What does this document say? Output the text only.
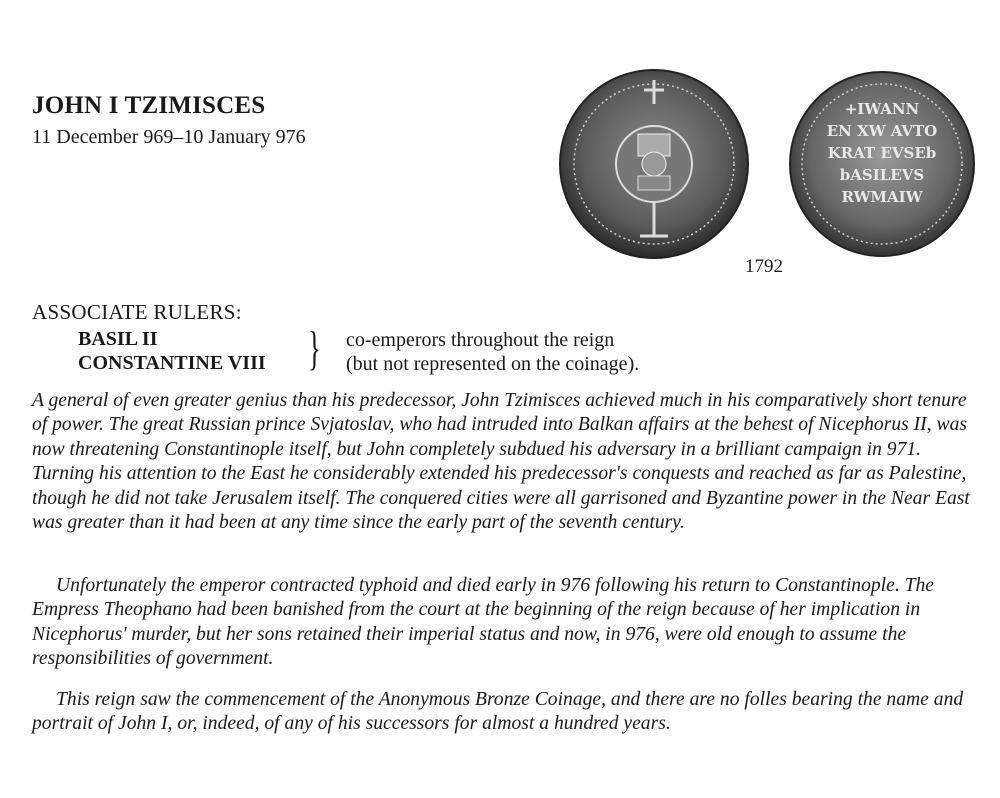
JOHN I TZIMISCES
11 December 969–10 January 976
+IWANN
EN XW AVTO
KRAT EVSEb
bASILEVS
RWMAIW
1792
ASSOCIATE RULERS:
BASIL II
CONSTANTINE VIII } co-emperors throughout the reign
(but not represented on the coinage).

A general of even greater genius than his predecessor, John Tzimisces achieved much in his comparatively short tenure of power. The great Russian prince Svjatoslav, who had intruded into Balkan affairs at the behest of Nicephorus II, was now threatening Constantinople itself, but John completely subdued his adversary in a brilliant campaign in 971. Turning his attention to the East he considerably extended his predecessor's conquests and reached as far as Palestine, though he did not take Jerusalem itself. The conquered cities were all garrisoned and Byzantine power in the Near East was greater than it had been at any time since the early part of the seventh century.

Unfortunately the emperor contracted typhoid and died early in 976 following his return to Constantinople. The Empress Theophano had been banished from the court at the beginning of the reign because of her implication in Nicephorus' murder, but her sons retained their imperial status and now, in 976, were old enough to assume the responsibilities of government.

This reign saw the commencement of the Anonymous Bronze Coinage, and there are no folles bearing the name and portrait of John I, or, indeed, of any of his successors for almost a hundred years.
